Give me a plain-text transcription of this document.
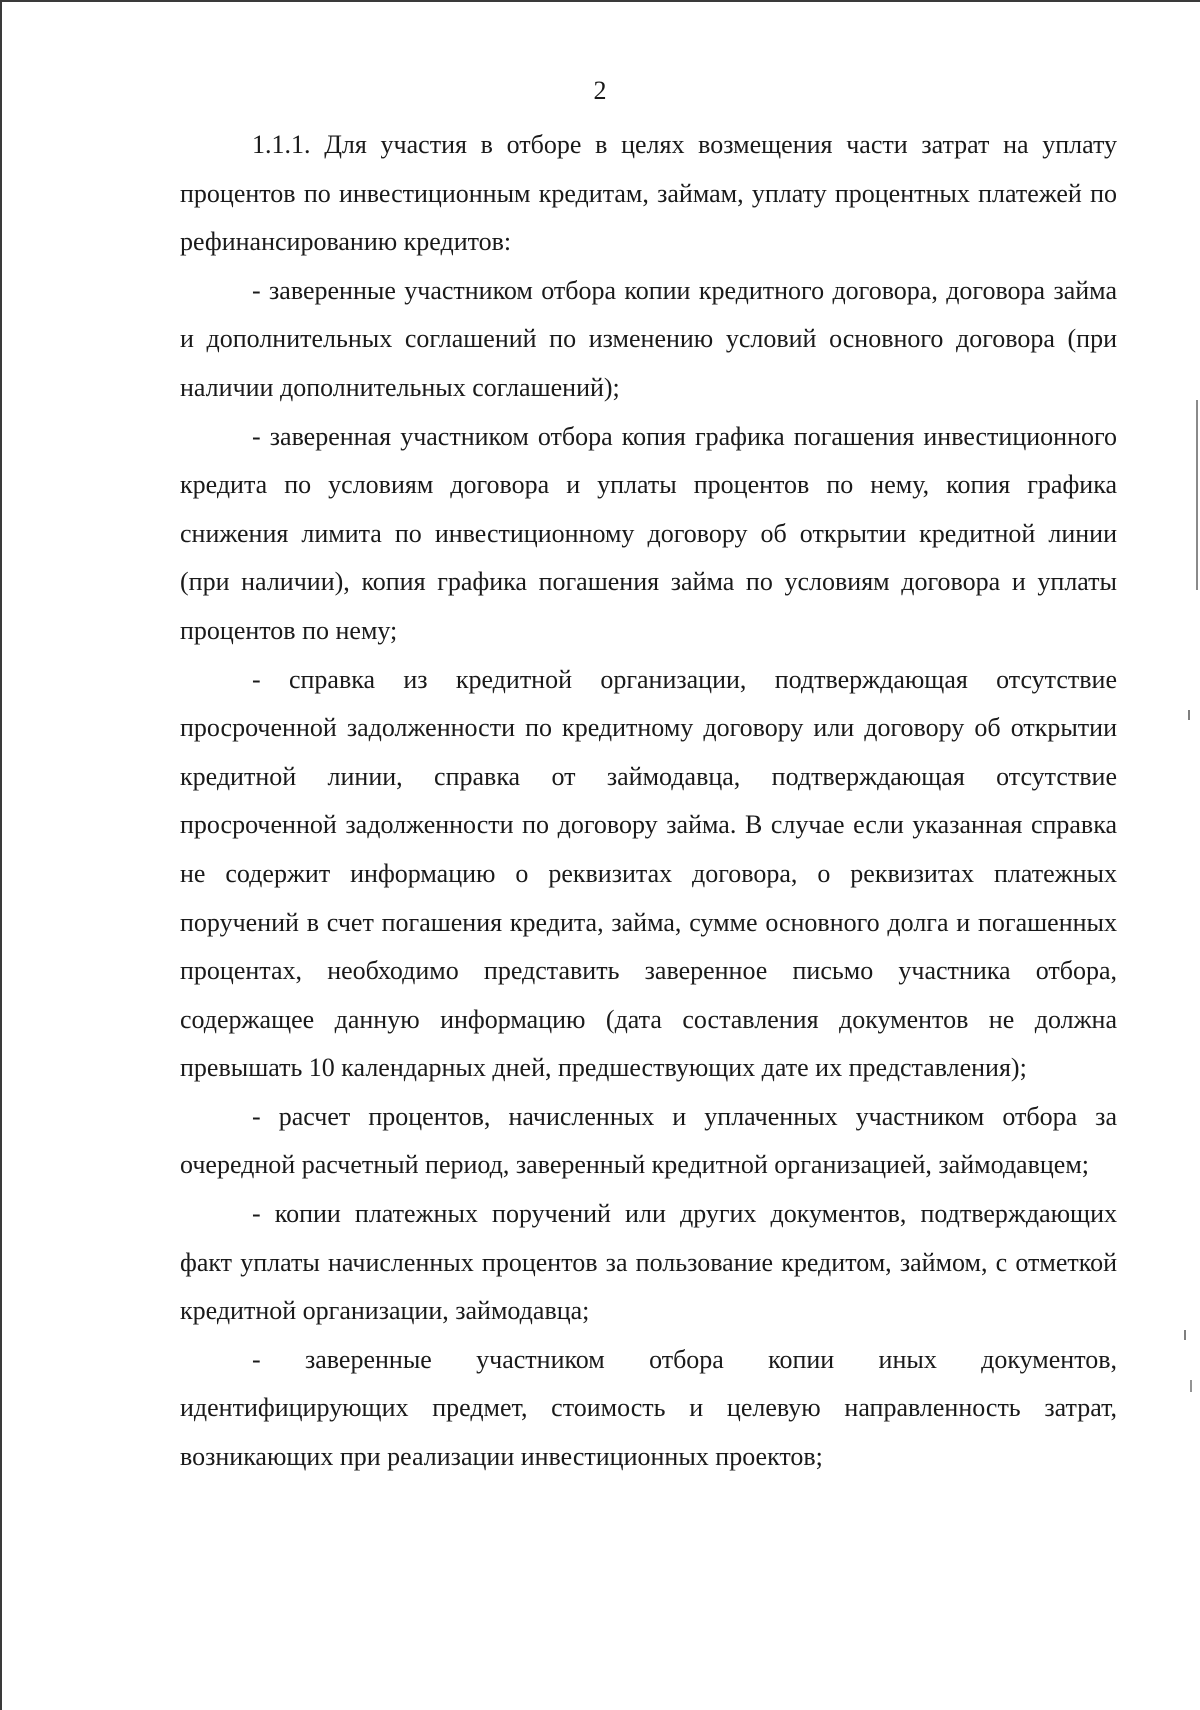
2

1.1.1. Для участия в отборе в целях возмещения части затрат на уплату процентов по инвестиционным кредитам, займам, уплату процентных платежей по рефинансированию кредитов:

- заверенные участником отбора копии кредитного договора, договора займа и дополнительных соглашений по изменению условий основного договора (при наличии дополнительных соглашений);

- заверенная участником отбора копия графика погашения инвестиционного кредита по условиям договора и уплаты процентов по нему, копия графика снижения лимита по инвестиционному договору об открытии кредитной линии (при наличии), копия графика погашения займа по условиям договора и уплаты процентов по нему;

- справка из кредитной организации, подтверждающая отсутствие просроченной задолженности по кредитному договору или договору об открытии кредитной линии, справка от займодавца, подтверждающая отсутствие просроченной задолженности по договору займа. В случае если указанная справка не содержит информацию о реквизитах договора, о реквизитах платежных поручений в счет погашения кредита, займа, сумме основного долга и погашенных процентах, необходимо представить заверенное письмо участника отбора, содержащее данную информацию (дата составления документов не должна превышать 10 календарных дней, предшествующих дате их представления);

- расчет процентов, начисленных и уплаченных участником отбора за очередной расчетный период, заверенный кредитной организацией, займодавцем;

- копии платежных поручений или других документов, подтверждающих факт уплаты начисленных процентов за пользование кредитом, займом, с отметкой кредитной организации, займодавца;

- заверенные участником отбора копии иных документов, идентифицирующих предмет, стоимость и целевую направленность затрат, возникающих при реализации инвестиционных проектов;
